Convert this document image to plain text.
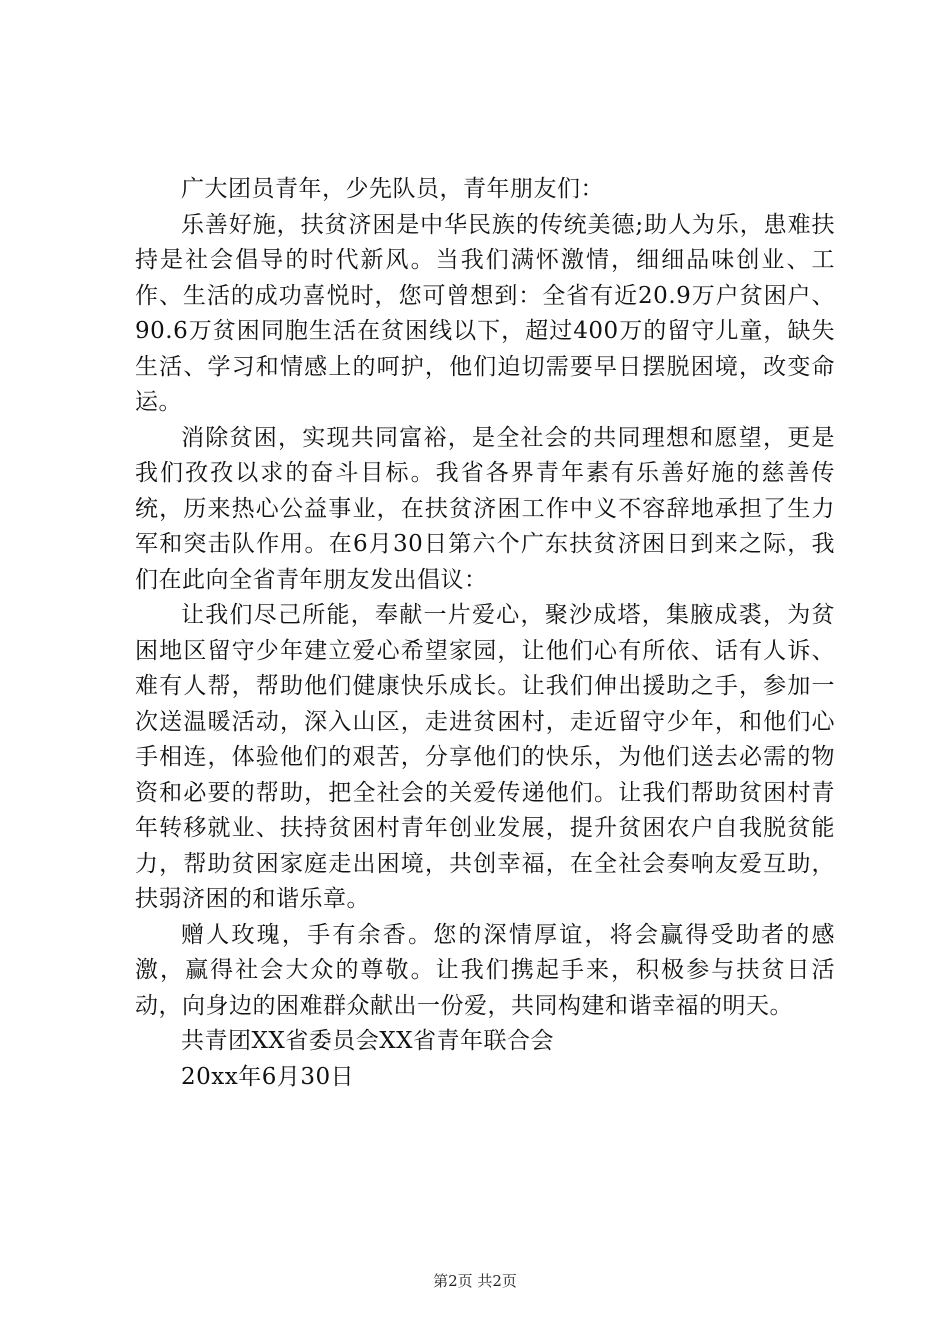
广大团员青年，少先队员，青年朋友们：

乐善好施，扶贫济困是中华民族的传统美德;助人为乐，患难扶持是社会倡导的时代新风。当我们满怀激情，细细品味创业、工作、生活的成功喜悦时，您可曾想到：全省有近20.9万户贫困户、90.6万贫困同胞生活在贫困线以下，超过400万的留守儿童，缺失生活、学习和情感上的呵护，他们迫切需要早日摆脱困境，改变命运。

消除贫困，实现共同富裕，是全社会的共同理想和愿望，更是我们孜孜以求的奋斗目标。我省各界青年素有乐善好施的慈善传统，历来热心公益事业，在扶贫济困工作中义不容辞地承担了生力军和突击队作用。在6月30日第六个广东扶贫济困日到来之际，我们在此向全省青年朋友发出倡议：

让我们尽己所能，奉献一片爱心，聚沙成塔，集腋成裘，为贫困地区留守少年建立爱心希望家园，让他们心有所依、话有人诉、难有人帮，帮助他们健康快乐成长。让我们伸出援助之手，参加一次送温暖活动，深入山区，走进贫困村，走近留守少年，和他们心手相连，体验他们的艰苦，分享他们的快乐，为他们送去必需的物资和必要的帮助，把全社会的关爱传递他们。让我们帮助贫困村青年转移就业、扶持贫困村青年创业发展，提升贫困农户自我脱贫能力，帮助贫困家庭走出困境，共创幸福，在全社会奏响友爱互助，扶弱济困的和谐乐章。

赠人玫瑰，手有余香。您的深情厚谊，将会赢得受助者的感激，赢得社会大众的尊敬。让我们携起手来，积极参与扶贫日活动，向身边的困难群众献出一份爱，共同构建和谐幸福的明天。

共青团XX省委员会XX省青年联合会

20xx年6月30日

第2页 共2页
